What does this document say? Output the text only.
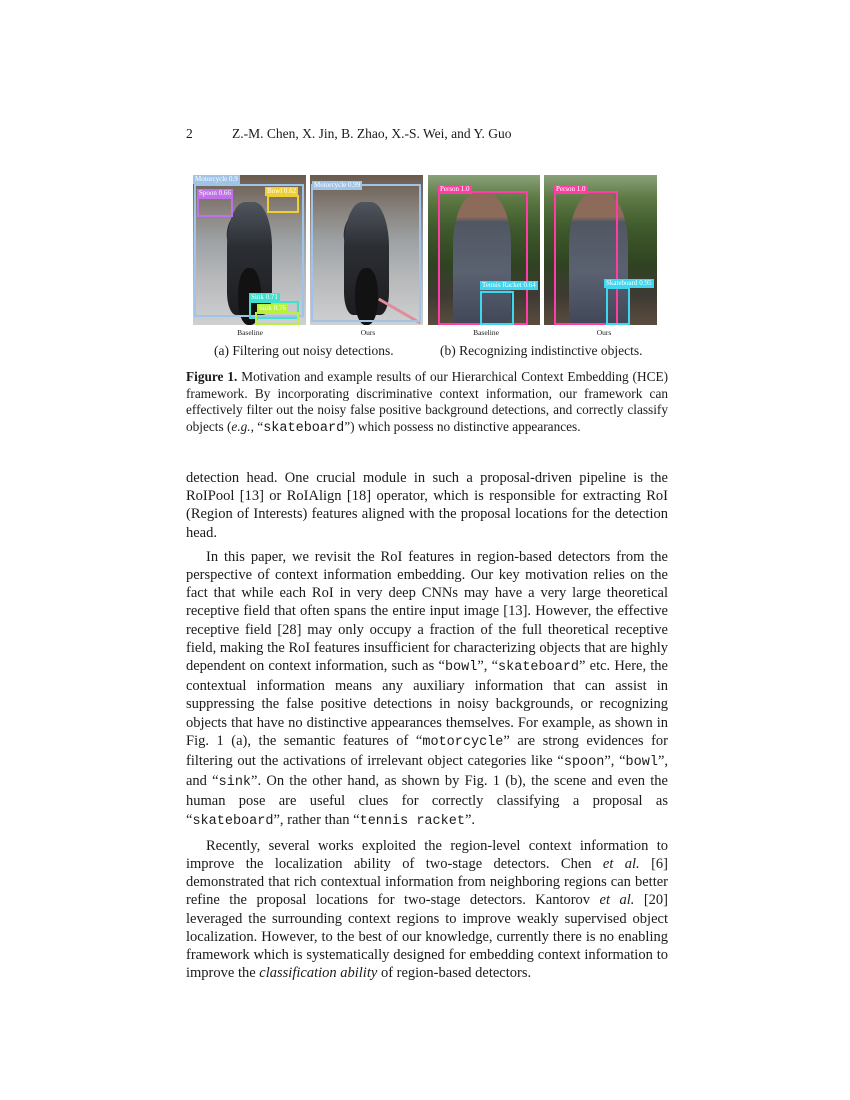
2	Z.-M. Chen, X. Jin, B. Zhao, X.-S. Wei, and Y. Guo
Motorcycle 0.9
Spoon 0.66	Bowl 0.62
Sink 0.71
Sink 0.76
Motorcycle 0.99	Person 1.0
Tennis Racket 0.64
Person 1.0
Skateboard 0.95
Baseline	Ours	Baseline	Ours
(a) Filtering out noisy detections.	(b) Recognizing indistinctive objects.
Figure 1. Motivation and example results of our Hierarchical Context Embedding (HCE) framework. By incorporating discriminative context information, our framework can effectively filter out the noisy false positive background detections, and correctly classify objects (e.g., “skateboard”) which possess no distinctive appearances.

detection head. One crucial module in such a proposal-driven pipeline is the RoIPool [13] or RoIAlign [18] operator, which is responsible for extracting RoI (Region of Interests) features aligned with the proposal locations for the detection head.

In this paper, we revisit the RoI features in region-based detectors from the perspective of context information embedding. Our key motivation relies on the fact that while each RoI in very deep CNNs may have a very large theoretical receptive field that often spans the entire input image [13]. However, the effective receptive field [28] may only occupy a fraction of the full theoretical receptive field, making the RoI features insufficient for characterizing objects that are highly dependent on context information, such as “bowl”, “skateboard” etc. Here, the contextual information means any auxiliary information that can assist in suppressing the false positive detections in noisy backgrounds, or recognizing objects that have no distinctive appearances themselves. For example, as shown in Fig. 1 (a), the semantic features of “motorcycle” are strong evidences for filtering out the activations of irrelevant object categories like “spoon”, “bowl”, and “sink”. On the other hand, as shown by Fig. 1 (b), the scene and even the human pose are useful clues for correctly classifying a proposal as “skateboard”, rather than “tennis racket”.

Recently, several works exploited the region-level context information to improve the localization ability of two-stage detectors. Chen et al. [6] demonstrated that rich contextual information from neighboring regions can better refine the proposal locations for two-stage detectors. Kantorov et al. [20] leveraged the surrounding context regions to improve weakly supervised object localization. However, to the best of our knowledge, currently there is no enabling framework which is systematically designed for embedding context information to improve the classification ability of region-based detectors.
